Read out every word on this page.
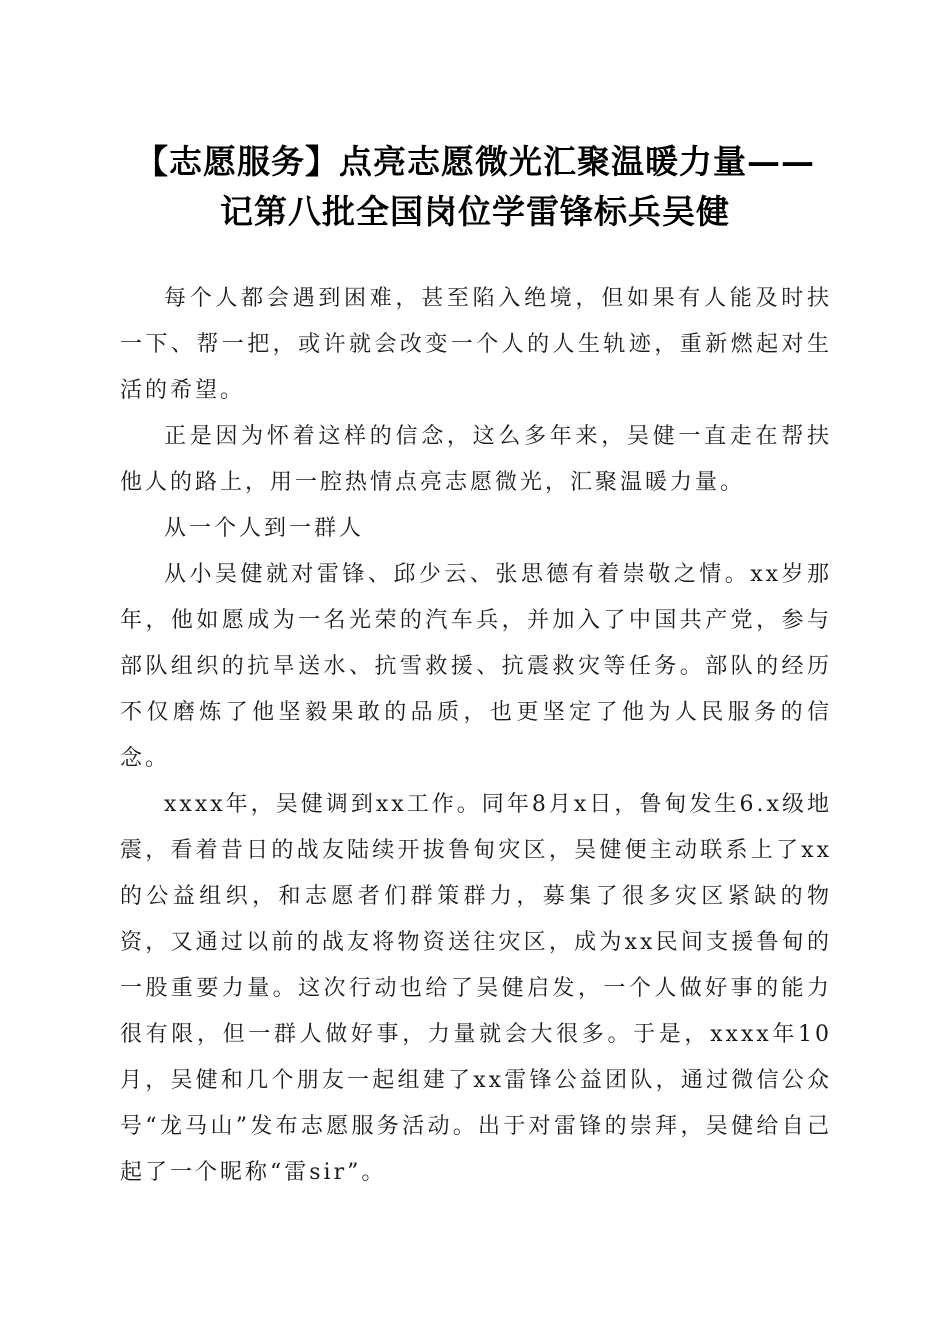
【志愿服务】点亮志愿微光汇聚温暖力量——
记第八批全国岗位学雷锋标兵吴健

每个人都会遇到困难，甚至陷入绝境，但如果有人能及时扶一下、帮一把，或许就会改变一个人的人生轨迹，重新燃起对生活的希望。

正是因为怀着这样的信念，这么多年来，吴健一直走在帮扶他人的路上，用一腔热情点亮志愿微光，汇聚温暖力量。

从一个人到一群人

从小吴健就对雷锋、邱少云、张思德有着崇敬之情。xx岁那年，他如愿成为一名光荣的汽车兵，并加入了中国共产党，参与部队组织的抗旱送水、抗雪救援、抗震救灾等任务。部队的经历不仅磨炼了他坚毅果敢的品质，也更坚定了他为人民服务的信念。

xxxx年，吴健调到xx工作。同年8月x日，鲁甸发生6.x级地震，看着昔日的战友陆续开拔鲁甸灾区，吴健便主动联系上了xx的公益组织，和志愿者们群策群力，募集了很多灾区紧缺的物资，又通过以前的战友将物资送往灾区，成为xx民间支援鲁甸的一股重要力量。这次行动也给了吴健启发，一个人做好事的能力很有限，但一群人做好事，力量就会大很多。于是，xxxx年10月，吴健和几个朋友一起组建了xx雷锋公益团队，通过微信公众号“龙马山”发布志愿服务活动。出于对雷锋的崇拜，吴健给自己起了一个昵称“雷sir”。
